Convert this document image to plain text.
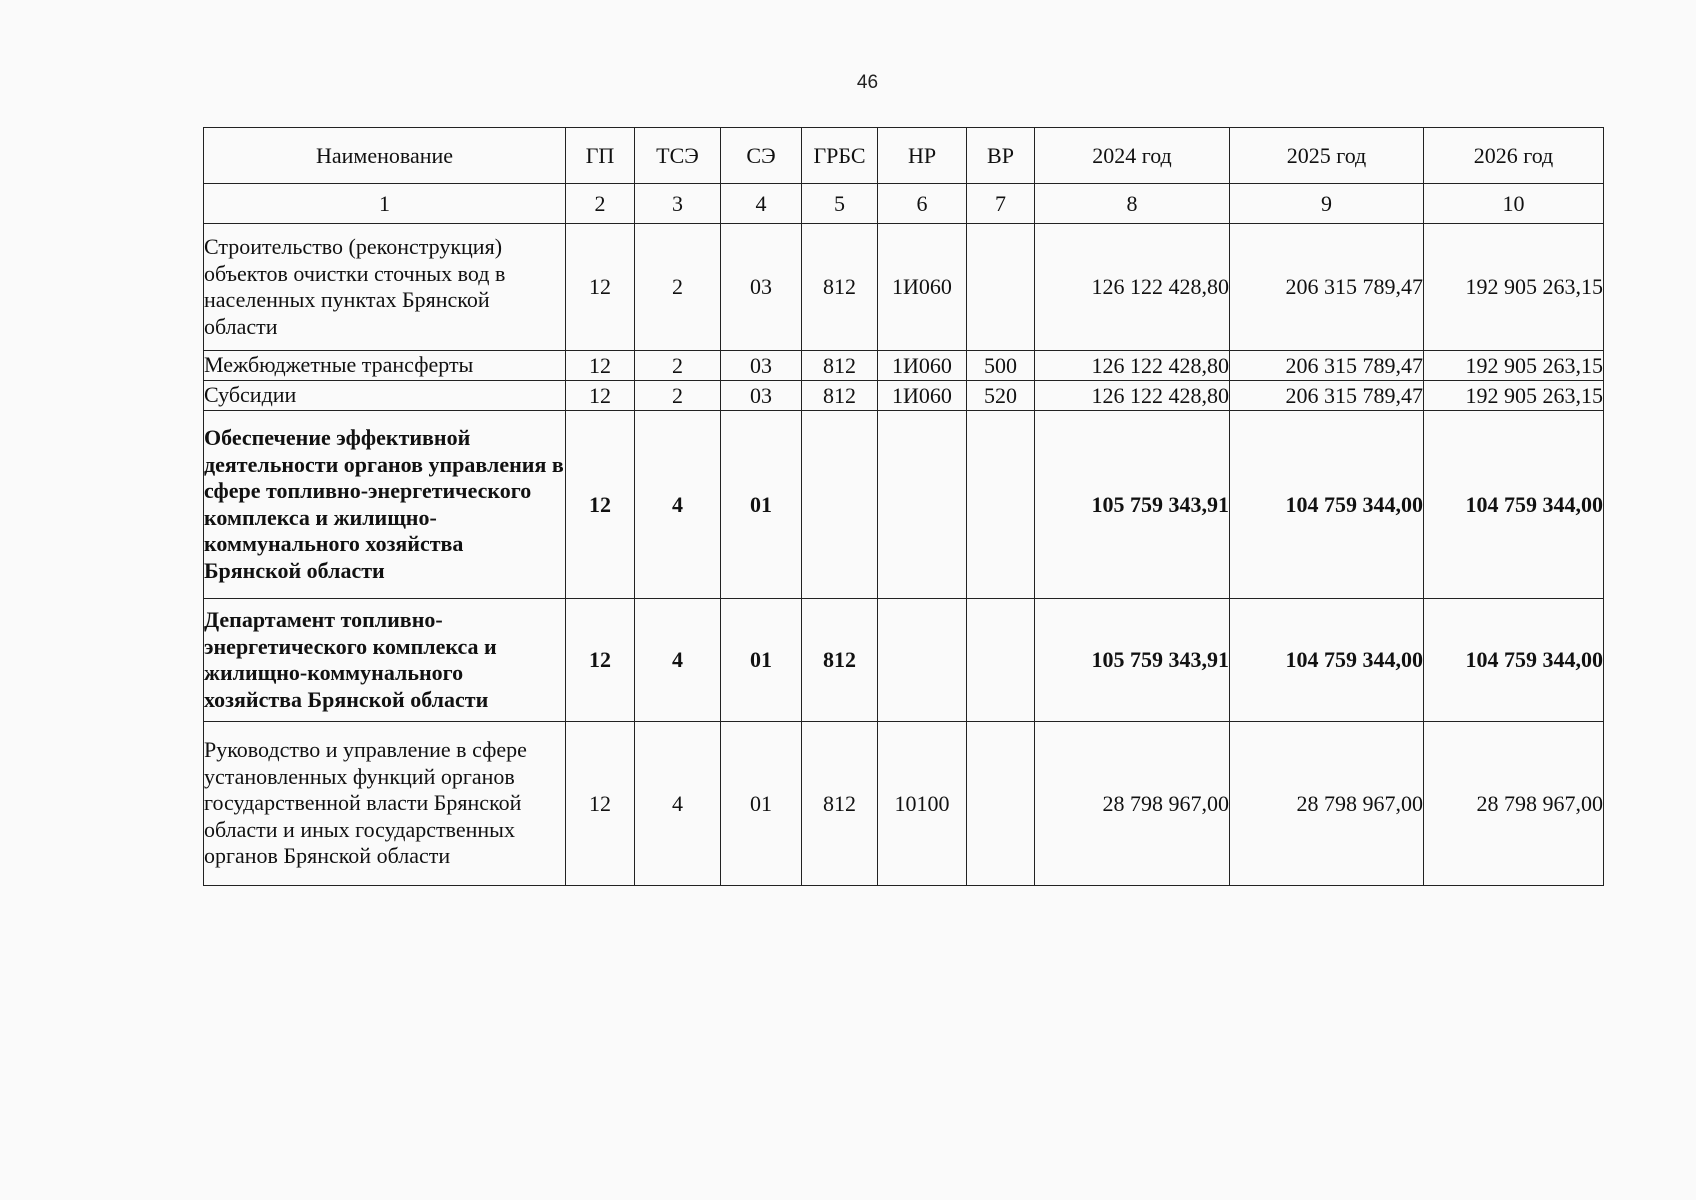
46
Наименование	ГП	ТСЭ	СЭ	ГРБС	НР	ВР	2024 год	2025 год	2026 год
1	2	3	4	5	6	7	8	9	10
Строительство (реконструкция) объектов очистки сточных вод в населенных пунктах Брянской области	12	2	03	812	1И060		126 122 428,80	206 315 789,47	192 905 263,15
Межбюджетные трансферты	12	2	03	812	1И060	500	126 122 428,80	206 315 789,47	192 905 263,15
Субсидии	12	2	03	812	1И060	520	126 122 428,80	206 315 789,47	192 905 263,15
Обеспечение эффективной деятельности органов управления в сфере топливно-энергетического комплекса и жилищно-коммунального хозяйства Брянской области	12	4	01				105 759 343,91	104 759 344,00	104 759 344,00
Департамент топливно-энергетического комплекса и жилищно-коммунального хозяйства Брянской области	12	4	01	812			105 759 343,91	104 759 344,00	104 759 344,00
Руководство и управление в сфере установленных функций органов государственной власти Брянской области и иных государственных органов Брянской области	12	4	01	812	10100		28 798 967,00	28 798 967,00	28 798 967,00
